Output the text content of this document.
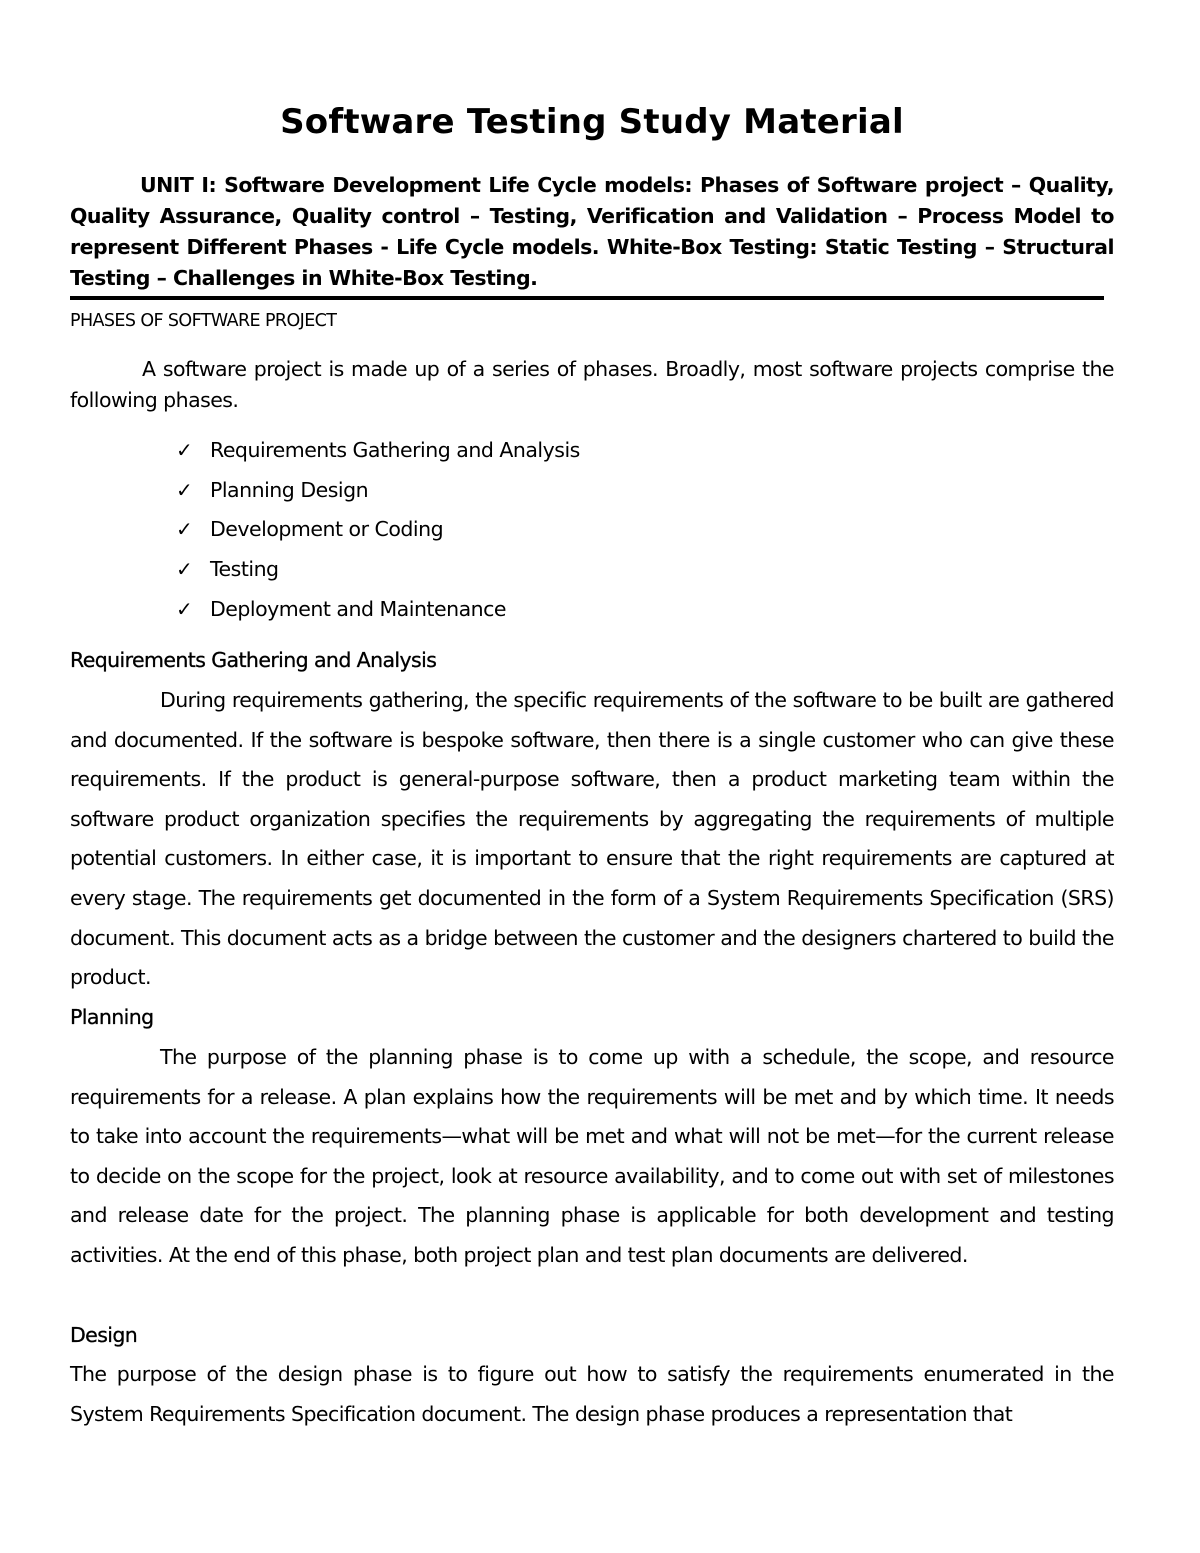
Software Testing Study Material

UNIT I: Software Development Life Cycle models: Phases of Software project – Quality, Quality Assurance, Quality control – Testing, Verification and Validation – Process Model to represent Different Phases - Life Cycle models. White-Box Testing: Static Testing – Structural Testing – Challenges in White-Box Testing.

PHASES OF SOFTWARE PROJECT

A software project is made up of a series of phases. Broadly, most software projects comprise the following phases.

✓ Requirements Gathering and Analysis
✓ Planning Design
✓ Development or Coding
✓ Testing
✓ Deployment and Maintenance
Requirements Gathering and Analysis

During requirements gathering, the specific requirements of the software to be built are gathered and documented. If the software is bespoke software, then there is a single customer who can give these requirements. If the product is general-purpose software, then a product marketing team within the software product organization specifies the requirements by aggregating the requirements of multiple potential customers. In either case, it is important to ensure that the right requirements are captured at every stage. The requirements get documented in the form of a System Requirements Specification (SRS) document. This document acts as a bridge between the customer and the designers chartered to build the product.

Planning

The purpose of the planning phase is to come up with a schedule, the scope, and resource requirements for a release. A plan explains how the requirements will be met and by which time. It needs to take into account the requirements—what will be met and what will not be met—for the current release to decide on the scope for the project, look at resource availability, and to come out with set of milestones and release date for the project. The planning phase is applicable for both development and testing activities. At the end of this phase, both project plan and test plan documents are delivered.

Design

The purpose of the design phase is to figure out how to satisfy the requirements enumerated in the System Requirements Specification document. The design phase produces a representation that
